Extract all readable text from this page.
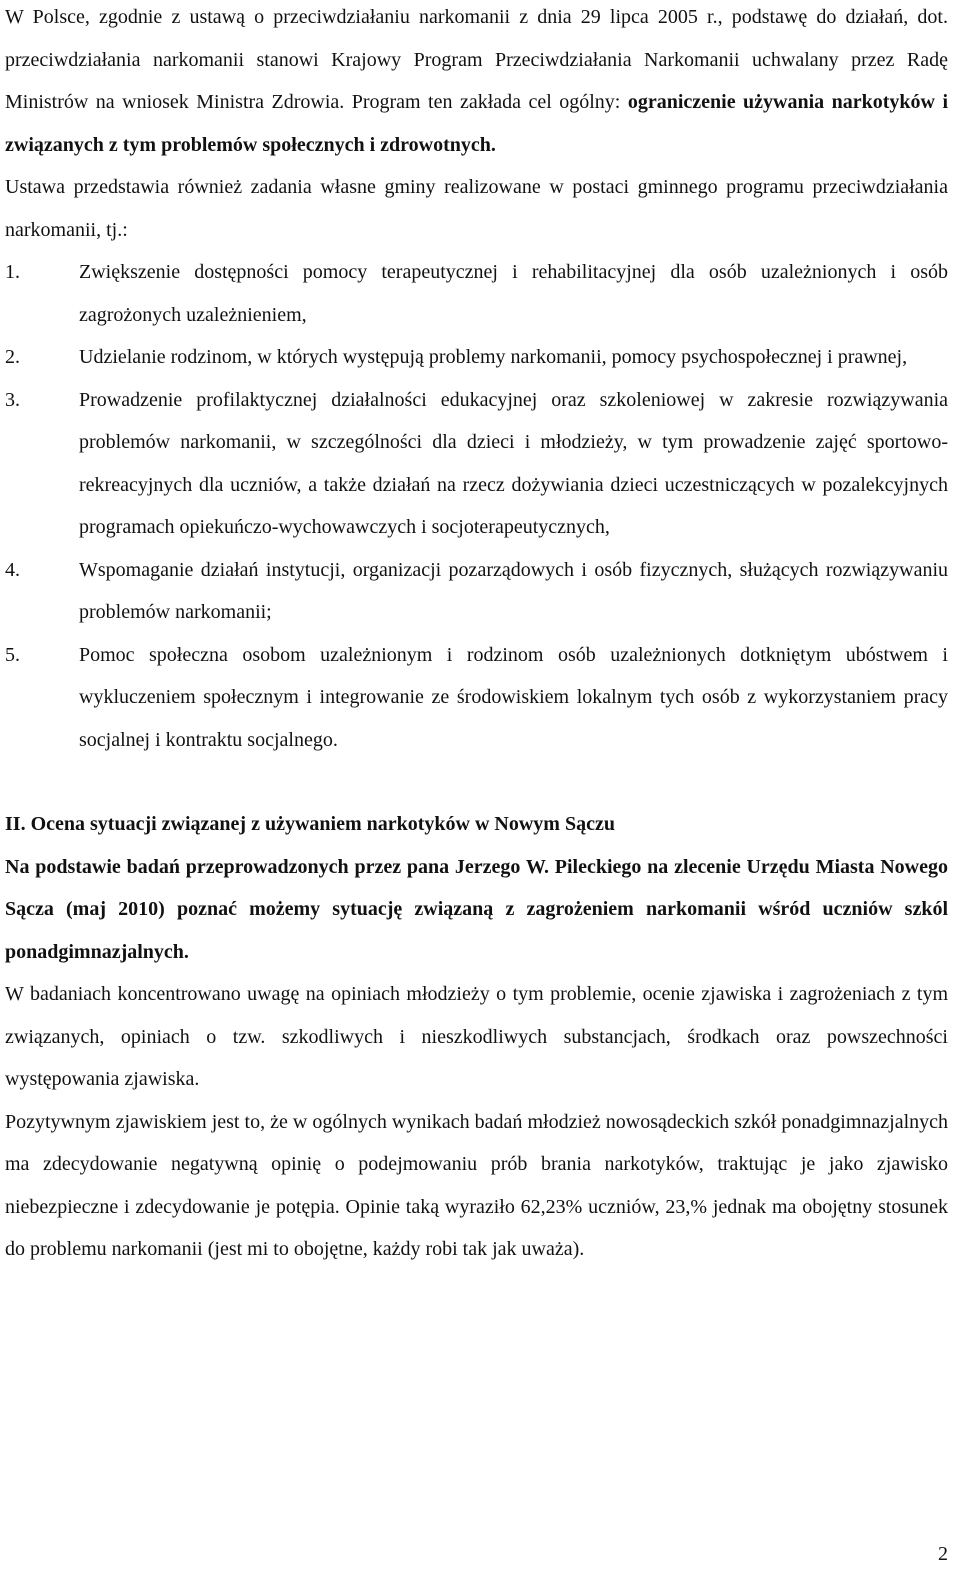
W Polsce, zgodnie z ustawą o przeciwdziałaniu narkomanii z dnia 29 lipca 2005 r., podstawę do działań, dot. przeciwdziałania narkomanii stanowi Krajowy Program Przeciwdziałania Narkomanii uchwalany przez Radę Ministrów na wniosek Ministra Zdrowia. Program ten zakłada cel ogólny: ograniczenie używania narkotyków i związanych z tym problemów społecznych i zdrowotnych.

Ustawa przedstawia również zadania własne gminy realizowane w postaci gminnego programu przeciwdziałania narkomanii, tj.:

1.	Zwiększenie dostępności pomocy terapeutycznej i rehabilitacyjnej dla osób uzależnionych i osób zagrożonych uzależnieniem,
2.	Udzielanie rodzinom, w których występują problemy narkomanii, pomocy psychospołecznej i prawnej,
3.	Prowadzenie profilaktycznej działalności edukacyjnej oraz szkoleniowej w zakresie rozwiązywania problemów narkomanii, w szczególności dla dzieci i młodzieży, w tym prowadzenie zajęć sportowo-rekreacyjnych dla uczniów, a także działań na rzecz dożywiania dzieci uczestniczących w pozalekcyjnych programach opiekuńczo-wychowawczych i socjoterapeutycznych,
4.	Wspomaganie działań instytucji, organizacji pozarządowych i osób fizycznych, służących rozwiązywaniu problemów narkomanii;
5.	Pomoc społeczna osobom uzależnionym i rodzinom osób uzależnionych dotkniętym ubóstwem i wykluczeniem społecznym i integrowanie ze środowiskiem lokalnym tych osób z wykorzystaniem pracy socjalnej i kontraktu socjalnego.

II. Ocena sytuacji związanej z używaniem narkotyków w Nowym Sączu

Na podstawie badań przeprowadzonych przez pana Jerzego W. Pileckiego na zlecenie Urzędu Miasta Nowego Sącza (maj 2010) poznać możemy sytuację związaną z zagrożeniem narkomanii wśród uczniów szkól ponadgimnazjalnych.

W badaniach koncentrowano uwagę na opiniach młodzieży o tym problemie, ocenie zjawiska i zagrożeniach z tym związanych, opiniach o tzw. szkodliwych i nieszkodliwych substancjach, środkach oraz powszechności występowania zjawiska.

Pozytywnym zjawiskiem jest to, że w ogólnych wynikach badań młodzież nowosądeckich szkół ponadgimnazjalnych ma zdecydowanie negatywną opinię o podejmowaniu prób brania narkotyków, traktując je jako zjawisko niebezpieczne i zdecydowanie je potępia. Opinie taką wyraziło 62,23% uczniów, 23,% jednak ma obojętny stosunek do problemu narkomanii (jest mi to obojętne, każdy robi tak jak uważa).

2
